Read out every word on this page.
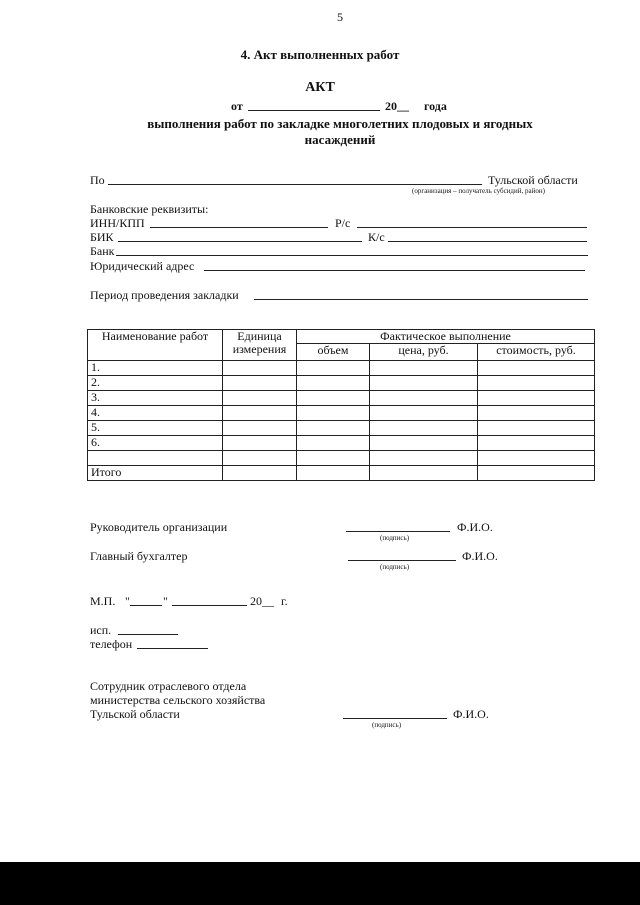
5
4. Акт выполненных работ
АКТ
от	20__ года
выполнения работ по закладке многолетних плодовых и ягодных
насаждений
По	Тульской области
(организация – получатель субсидий, район)
Банковские реквизиты:
ИНН/КПП	Р/с
БИК	К/с
Банк
Юридический адрес
Период проведения закладки
Наименование работ	Единица измерения	Фактическое выполнение		
		объем	цена, руб.	стоимость, руб.
1.				
2.				
3.				
4.				
5.				
6.				

Итого				
Руководитель организации	Ф.И.О.
(подпись)
Главный бухгалтер	Ф.И.О.
(подпись)
М.П. "	"	20__ г.
исп.
телефон
Сотрудник отраслевого отдела
министерства сельского хозяйства
Тульской области	Ф.И.О.
(подпись)
